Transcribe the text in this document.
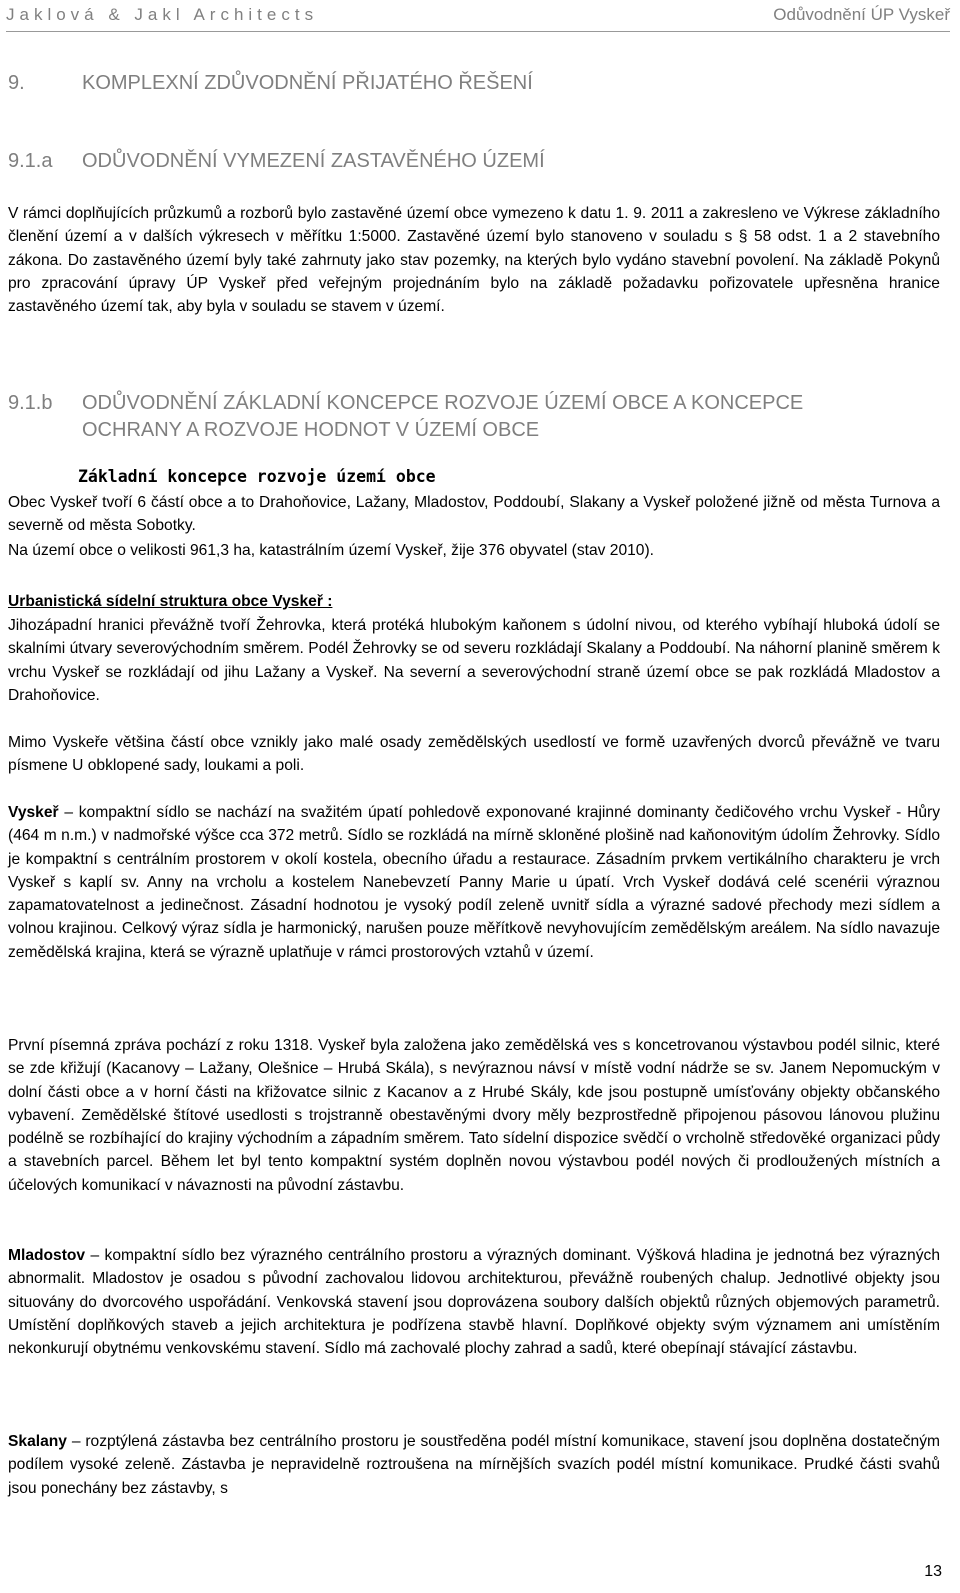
Jaklová & Jakl Architects	Odůvodnění ÚP Vyskeř
9.	KOMPLEXNÍ ZDŮVODNĚNÍ PŘIJATÉHO ŘEŠENÍ
9.1.a ODŮVODNĚNÍ VYMEZENÍ ZASTAVĚNÉHO ÚZEMÍ
V rámci doplňujících průzkumů a rozborů bylo zastavěné území obce vymezeno k datu 1. 9. 2011 a zakresleno ve Výkrese základního členění území a v dalších výkresech v měřítku 1:5000. Zastavěné území bylo stanoveno v souladu s § 58 odst. 1 a 2 stavebního zákona. Do zastavěného území byly také zahrnuty jako stav pozemky, na kterých bylo vydáno stavební povolení. Na základě Pokynů pro zpracování úpravy ÚP Vyskeř před veřejným projednáním bylo na základě požadavku pořizovatele upřesněna hranice zastavěného území tak, aby byla v souladu se stavem v území.
9.1.b ODŮVODNĚNÍ ZÁKLADNÍ KONCEPCE ROZVOJE ÚZEMÍ OBCE A KONCEPCE OCHRANY A ROZVOJE HODNOT V ÚZEMÍ OBCE
Základní koncepce rozvoje území obce
Obec Vyskeř tvoří 6 částí obce a to Drahoňovice, Lažany, Mladostov, Poddoubí, Slakany a Vyskeř položené jižně od města Turnova a severně od města Sobotky.
Na území obce o velikosti 961,3 ha, katastrálním území Vyskeř, žije 376 obyvatel (stav 2010).
Urbanistická sídelní struktura obce Vyskeř :
Jihozápadní hranici převážně tvoří Žehrovka, která protéká hlubokým kaňonem s údolní nivou, od kterého vybíhají hluboká údolí se skalními útvary severovýchodním směrem. Podél Žehrovky se od severu rozkládají Skalany a Poddoubí. Na náhorní planině směrem k vrchu Vyskeř se rozkládají od jihu Lažany a Vyskeř. Na severní a severovýchodní straně území obce se pak rozkládá Mladostov a Drahoňovice.
Mimo Vyskeře většina částí obce vznikly jako malé osady zemědělských usedlostí ve formě uzavřených dvorců převážně ve tvaru písmene U obklopené sady, loukami a poli.
Vyskeř – kompaktní sídlo se nachází na svažitém úpatí pohledově exponované krajinné dominanty čedičového vrchu Vyskeř - Hůry (464 m n.m.) v nadmořské výšce cca 372 metrů. Sídlo se rozkládá na mírně skloněné plošině nad kaňonovitým údolím Žehrovky. Sídlo je kompaktní s centrálním prostorem v okolí kostela, obecního úřadu a restaurace. Zásadním prvkem vertikálního charakteru je vrch Vyskeř s kaplí sv. Anny na vrcholu a kostelem Nanebevzetí Panny Marie u úpatí. Vrch Vyskeř dodává celé scenérii výraznou zapamatovatelnost a jedinečnost. Zásadní hodnotou je vysoký podíl zeleně uvnitř sídla a výrazné sadové přechody mezi sídlem a volnou krajinou. Celkový výraz sídla je harmonický, narušen pouze měřítkově nevyhovujícím zemědělským areálem. Na sídlo navazuje zemědělská krajina, která se výrazně uplatňuje v rámci prostorových vztahů v území.
První písemná zpráva pochází z roku 1318. Vyskeř byla založena jako zemědělská ves s koncetrovanou výstavbou podél silnic, které se zde křižují (Kacanovy – Lažany, Olešnice – Hrubá Skála), s nevýraznou návsí v místě vodní nádrže se sv. Janem Nepomuckým v dolní části obce a v horní části na křižovatce silnic z Kacanov a z Hrubé Skály, kde jsou postupně umísťovány objekty občanského vybavení. Zemědělské štítové usedlosti s trojstranně obestavěnými dvory měly bezprostředně připojenou pásovou lánovou plužinu podélně se rozbíhající do krajiny východním a západním směrem. Tato sídelní dispozice svědčí o vrcholně středověké organizaci půdy a stavebních parcel. Během let byl tento kompaktní systém doplněn novou výstavbou podél nových či prodloužených místních a účelových komunikací v návaznosti na původní zástavbu.
Mladostov – kompaktní sídlo bez výrazného centrálního prostoru a výrazných dominant. Výšková hladina je jednotná bez výrazných abnormalit. Mladostov je osadou s původní zachovalou lidovou architekturou, převážně roubených chalup. Jednotlivé objekty jsou situovány do dvorcového uspořádání. Venkovská stavení jsou doprovázena soubory dalších objektů různých objemových parametrů. Umístění doplňkových staveb a jejich architektura je podřízena stavbě hlavní. Doplňkové objekty svým významem ani umístěním nekonkurují obytnému venkovskému stavení. Sídlo má zachovalé plochy zahrad a sadů, které obepínají stávající zástavbu.
Skalany – rozptýlená zástavba bez centrálního prostoru je soustředěna podél místní komunikace, stavení jsou doplněna dostatečným podílem vysoké zeleně. Zástavba je nepravidelně roztroušena na mírnějších svazích podél místní komunikace. Prudké části svahů jsou ponechány bez zástavby, s
13
